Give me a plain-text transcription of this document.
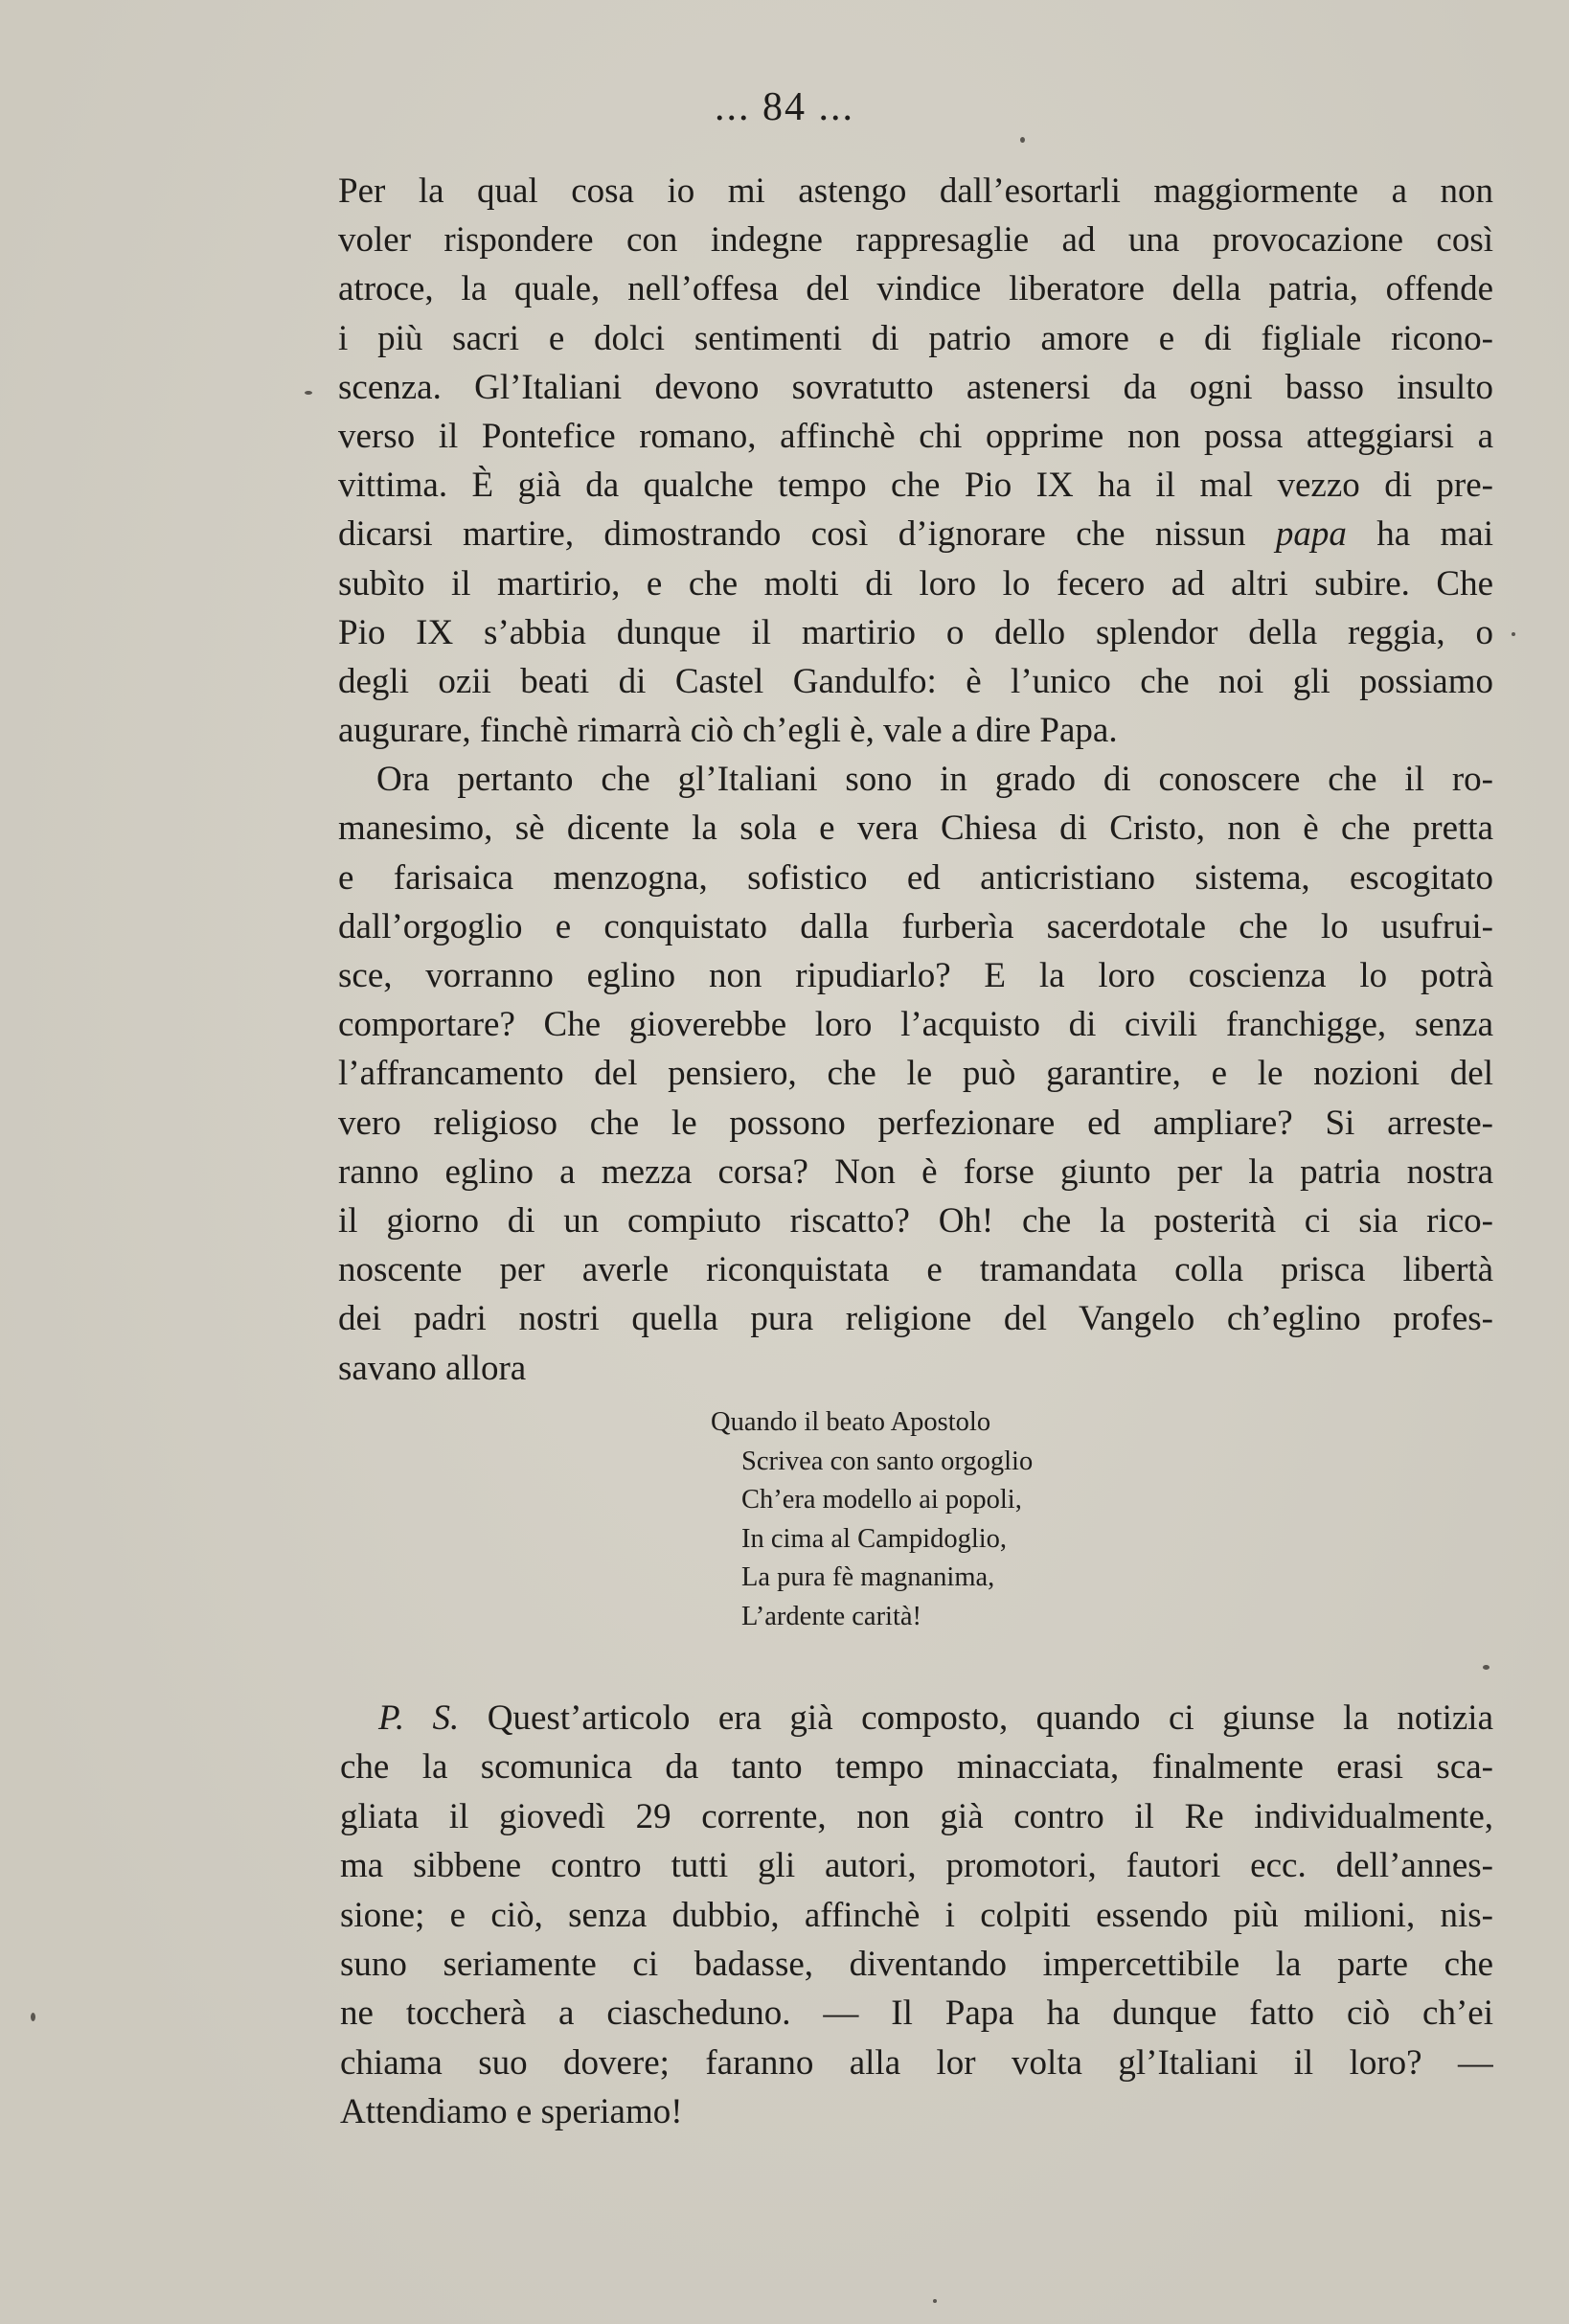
... 84 ...
Per la qual cosa io mi astengo dall’esortarli maggiormente a non
voler rispondere con indegne rappresaglie ad una provocazione così
atroce, la quale, nell’offesa del vindice liberatore della patria, offende
i più sacri e dolci sentimenti di patrio amore e di figliale ricono-
scenza. Gl’Italiani devono sovratutto astenersi da ogni basso insulto
verso il Pontefice romano, affinchè chi opprime non possa atteggiarsi a
vittima. È già da qualche tempo che Pio IX ha il mal vezzo di pre-
dicarsi martire, dimostrando così d’ignorare che nissun papa ha mai
subìto il martirio, e che molti di loro lo fecero ad altri subire. Che
Pio IX s’abbia dunque il martirio o dello splendor della reggia, o
degli ozii beati di Castel Gandulfo: è l’unico che noi gli possiamo
augurare, finchè rimarrà ciò ch’egli è, vale a dire Papa.
Ora pertanto che gl’Italiani sono in grado di conoscere che il ro-
manesimo, sè dicente la sola e vera Chiesa di Cristo, non è che pretta
e farisaica menzogna, sofistico ed anticristiano sistema, escogitato
dall’orgoglio e conquistato dalla furberìa sacerdotale che lo usufrui-
sce, vorranno eglino non ripudiarlo? E la loro coscienza lo potrà
comportare? Che gioverebbe loro l’acquisto di civili franchigge, senza
l’affrancamento del pensiero, che le può garantire, e le nozioni del
vero religioso che le possono perfezionare ed ampliare? Si arreste-
ranno eglino a mezza corsa? Non è forse giunto per la patria nostra
il giorno di un compiuto riscatto? Oh! che la posterità ci sia rico-
noscente per averle riconquistata e tramandata colla prisca libertà
dei padri nostri quella pura religione del Vangelo ch’eglino profes-
savano allora
Quando il beato Apostolo
Scrivea con santo orgoglio
Ch’era modello ai popoli,
In cima al Campidoglio,
La pura fè magnanima,
L’ardente carità!
P. S. Quest’articolo era già composto, quando ci giunse la notizia
che la scomunica da tanto tempo minacciata, finalmente erasi sca-
gliata il giovedì 29 corrente, non già contro il Re individualmente,
ma sibbene contro tutti gli autori, promotori, fautori ecc. dell’annes-
sione; e ciò, senza dubbio, affinchè i colpiti essendo più milioni, nis-
suno seriamente ci badasse, diventando impercettibile la parte che
ne toccherà a ciascheduno. — Il Papa ha dunque fatto ciò ch’ei
chiama suo dovere; faranno alla lor volta gl’Italiani il loro? —
Attendiamo e speriamo!
